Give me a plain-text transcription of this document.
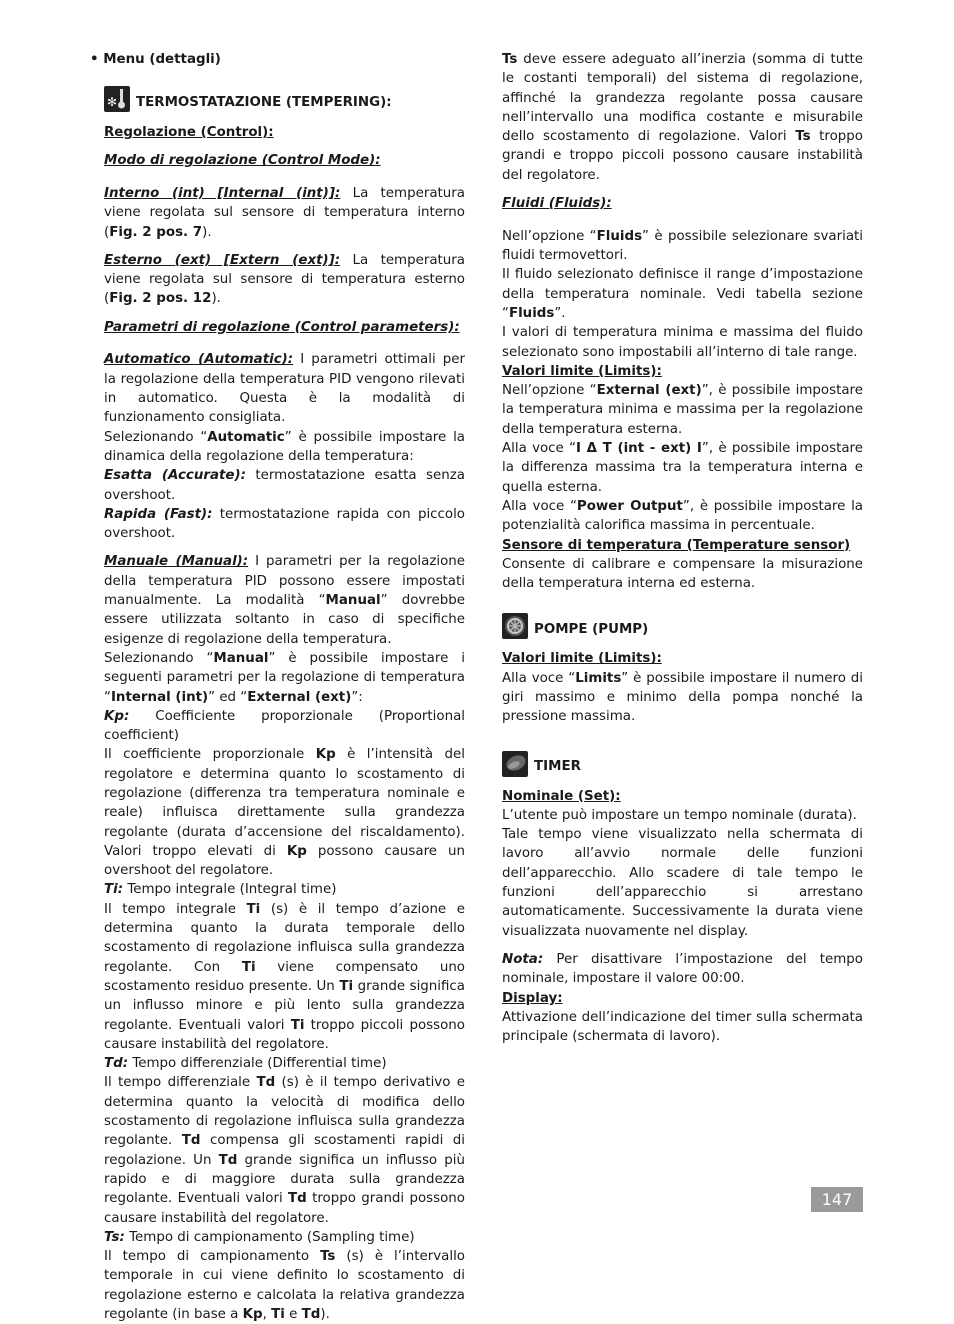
• Menu (dettagli)

✻ TERMOSTATAZIONE (TEMPERING):

Regolazione (Control):

Modo di regolazione (Control Mode):

Interno (int) [Internal (int)]: La temperatura viene regolata sul sensore di temperatura interno (Fig. 2 pos. 7).

Esterno (ext) [Extern (ext)]: La temperatura viene regolata sul sensore di temperatura esterno (Fig. 2 pos. 12).

Parametri di regolazione (Control parameters):

Automatico (Automatic): I parametri ottimali per la regolazione della temperatura PID vengono rilevati in automatico. Questa è la modalità di funzionamento consigliata.

Selezionando “Automatic” è possibile impostare la dinamica della regolazione della temperatura:

Esatta (Accurate): termostatazione esatta senza overshoot.

Rapida (Fast): termostatazione rapida con piccolo overshoot.

Manuale (Manual): I parametri per la regolazione della temperatura PID possono essere impostati manualmente. La modalità “Manual” dovrebbe essere utilizzata soltanto in caso di specifiche esigenze di regolazione della temperatura.

Selezionando “Manual” è possibile impostare i seguenti parametri per la regolazione di temperatura “Internal (int)” ed “External (ext)”:

Kp: Coefficiente proporzionale (Proportional coefficient)

Il coefficiente proporzionale Kp è l’intensità del regolatore e determina quanto lo scostamento di regolazione (differenza tra temperatura nominale e reale) influisca direttamente sulla grandezza regolante (durata d’accensione del riscaldamento). Valori troppo elevati di Kp possono causare un overshoot del regolatore.

Ti: Tempo integrale (Integral time)

Il tempo integrale Ti (s) è il tempo d’azione e determina quanto la durata temporale dello scostamento di regolazione influisca sulla grandezza regolante. Con Ti viene compensato uno scostamento residuo presente. Un Ti grande significa un influsso minore e più lento sulla grandezza regolante. Eventuali valori Ti troppo piccoli possono causare instabilità del regolatore.

Td: Tempo differenziale (Differential time)

Il tempo differenziale Td (s) è il tempo derivativo e determina quanto la velocità di modifica dello scostamento di regolazione influisca sulla grandezza regolante. Td compensa gli scostamenti rapidi di regolazione. Un Td grande significa un influsso più rapido e di maggiore durata sulla grandezza regolante. Eventuali valori Td troppo grandi possono causare instabilità del regolatore.

Ts: Tempo di campionamento (Sampling time)

Il tempo di campionamento Ts (s) è l’intervallo temporale in cui viene definito lo scostamento di regolazione esterno e calcolata la relativa grandezza regolante (in base a Kp, Ti e Td).

Ts deve essere adeguato all’inerzia (somma di tutte le costanti temporali) del sistema di regolazione, affinché la grandezza regolante possa causare nell’intervallo una modifica costante e misurabile dello scostamento di regolazione. Valori Ts troppo grandi e troppo piccoli possono causare instabilità del regolatore.

Fluidi (Fluids):

Nell’opzione “Fluids” è possibile selezionare svariati fluidi termovettori.

Il fluido selezionato definisce il range d’impostazione della temperatura nominale. Vedi tabella sezione “Fluids”.

I valori di temperatura minima e massima del fluido selezionato sono impostabili all’interno di tale range.

Valori limite (Limits):

Nell’opzione “External (ext)”, è possibile impostare la temperatura minima e massima per la regolazione della temperatura esterna.

Alla voce “I Δ T (int - ext) I”, è possibile impostare la differenza massima tra la temperatura interna e quella esterna.

Alla voce “Power Output”, è possibile impostare la potenzialità calorifica massima in percentuale.

Sensore di temperatura (Temperature sensor)

Consente di calibrare e compensare la misurazione della temperatura interna ed esterna.

POMPE (PUMP)

Valori limite (Limits):

Alla voce “Limits” è possibile impostare il numero di giri massimo e minimo della pompa nonché la pressione massima.

TIMER

Nominale (Set):

L’utente può impostare un tempo nominale (durata).

Tale tempo viene visualizzato nella schermata di lavoro all’avvio normale delle funzioni dell’apparecchio. Allo scadere di tale tempo le funzioni dell’apparecchio si arrestano automaticamente. Successivamente la durata viene visualizzata nuovamente nel display.

Nota: Per disattivare l’impostazione del tempo nominale, impostare il valore 00:00.

Display:

Attivazione dell’indicazione del timer sulla schermata principale (schermata di lavoro).

147
